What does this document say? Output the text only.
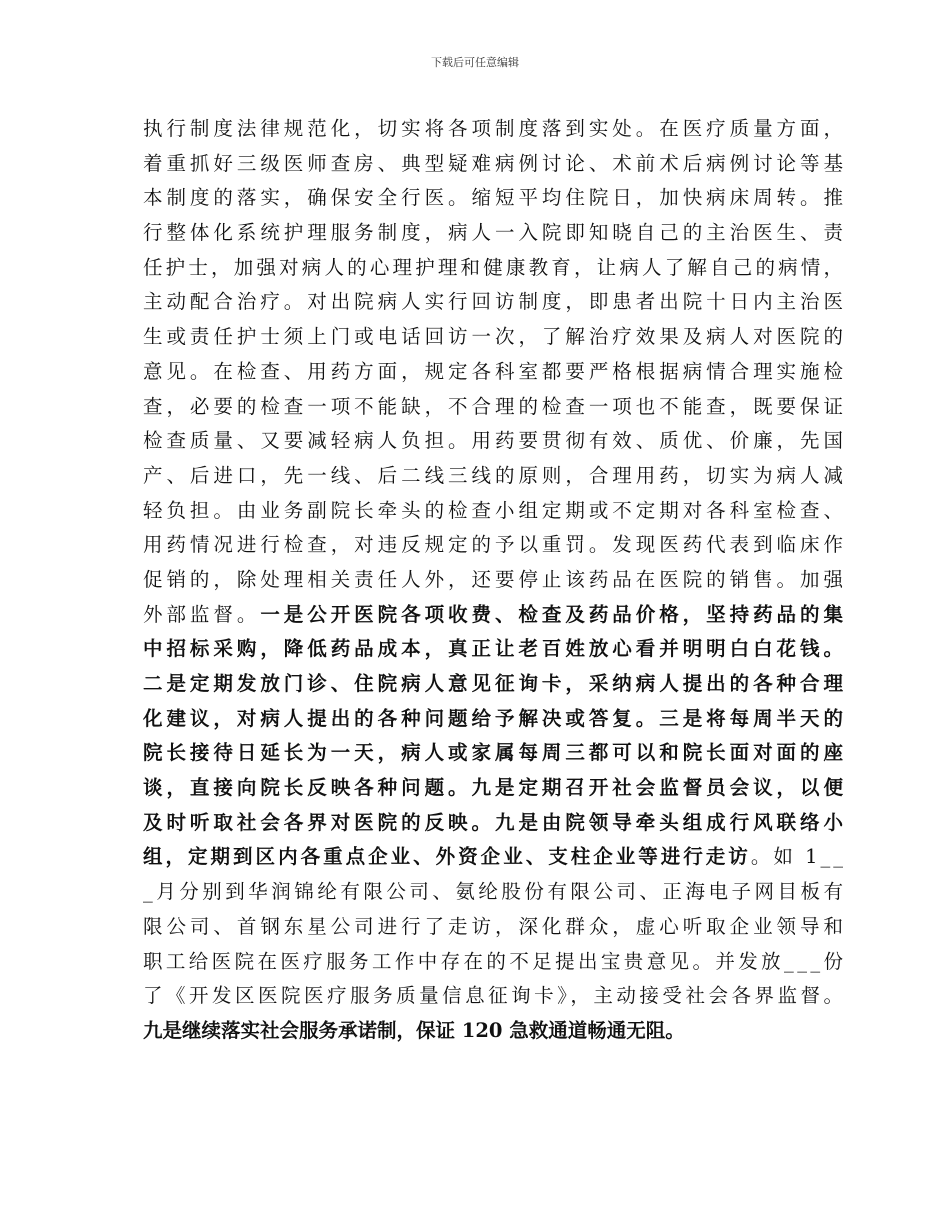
下载后可任意编辑
执行制度法律规范化，切实将各项制度落到实处。在医疗质量方面，
着重抓好三级医师查房、典型疑难病例讨论、术前术后病例讨论等基
本制度的落实，确保安全行医。缩短平均住院日，加快病床周转。推
行整体化系统护理服务制度，病人一入院即知晓自己的主治医生、责
任护士，加强对病人的心理护理和健康教育，让病人了解自己的病情，
主动配合治疗。对出院病人实行回访制度，即患者出院十日内主治医
生或责任护士须上门或电话回访一次，了解治疗效果及病人对医院的
意见。在检查、用药方面，规定各科室都要严格根据病情合理实施检
查，必要的检查一项不能缺，不合理的检查一项也不能查，既要保证
检查质量、又要减轻病人负担。用药要贯彻有效、质优、价廉，先国
产、后进口，先一线、后二线三线的原则，合理用药，切实为病人减
轻负担。由业务副院长牵头的检查小组定期或不定期对各科室检查、
用药情况进行检查，对违反规定的予以重罚。发现医药代表到临床作
促销的，除处理相关责任人外，还要停止该药品在医院的销售。加强
外部监督。一是公开医院各项收费、检查及药品价格，坚持药品的集
中招标采购，降低药品成本，真正让老百姓放心看并明明白白花钱。
二是定期发放门诊、住院病人意见征询卡，采纳病人提出的各种合理
化建议，对病人提出的各种问题给予解决或答复。三是将每周半天的
院长接待日延长为一天，病人或家属每周三都可以和院长面对面的座
谈，直接向院长反映各种问题。九是定期召开社会监督员会议，以便
及时听取社会各界对医院的反映。九是由院领导牵头组成行风联络小
组，定期到区内各重点企业、外资企业、支柱企业等进行走访。如 1__
_月分别到华润锦纶有限公司、氨纶股份有限公司、正海电子网目板有
限公司、首钢东星公司进行了走访，深化群众，虚心听取企业领导和
职工给医院在医疗服务工作中存在的不足提出宝贵意见。并发放___份
了《开发区医院医疗服务质量信息征询卡》，主动接受社会各界监督。
九是继续落实社会服务承诺制，保证 120 急救通道畅通无阻。
